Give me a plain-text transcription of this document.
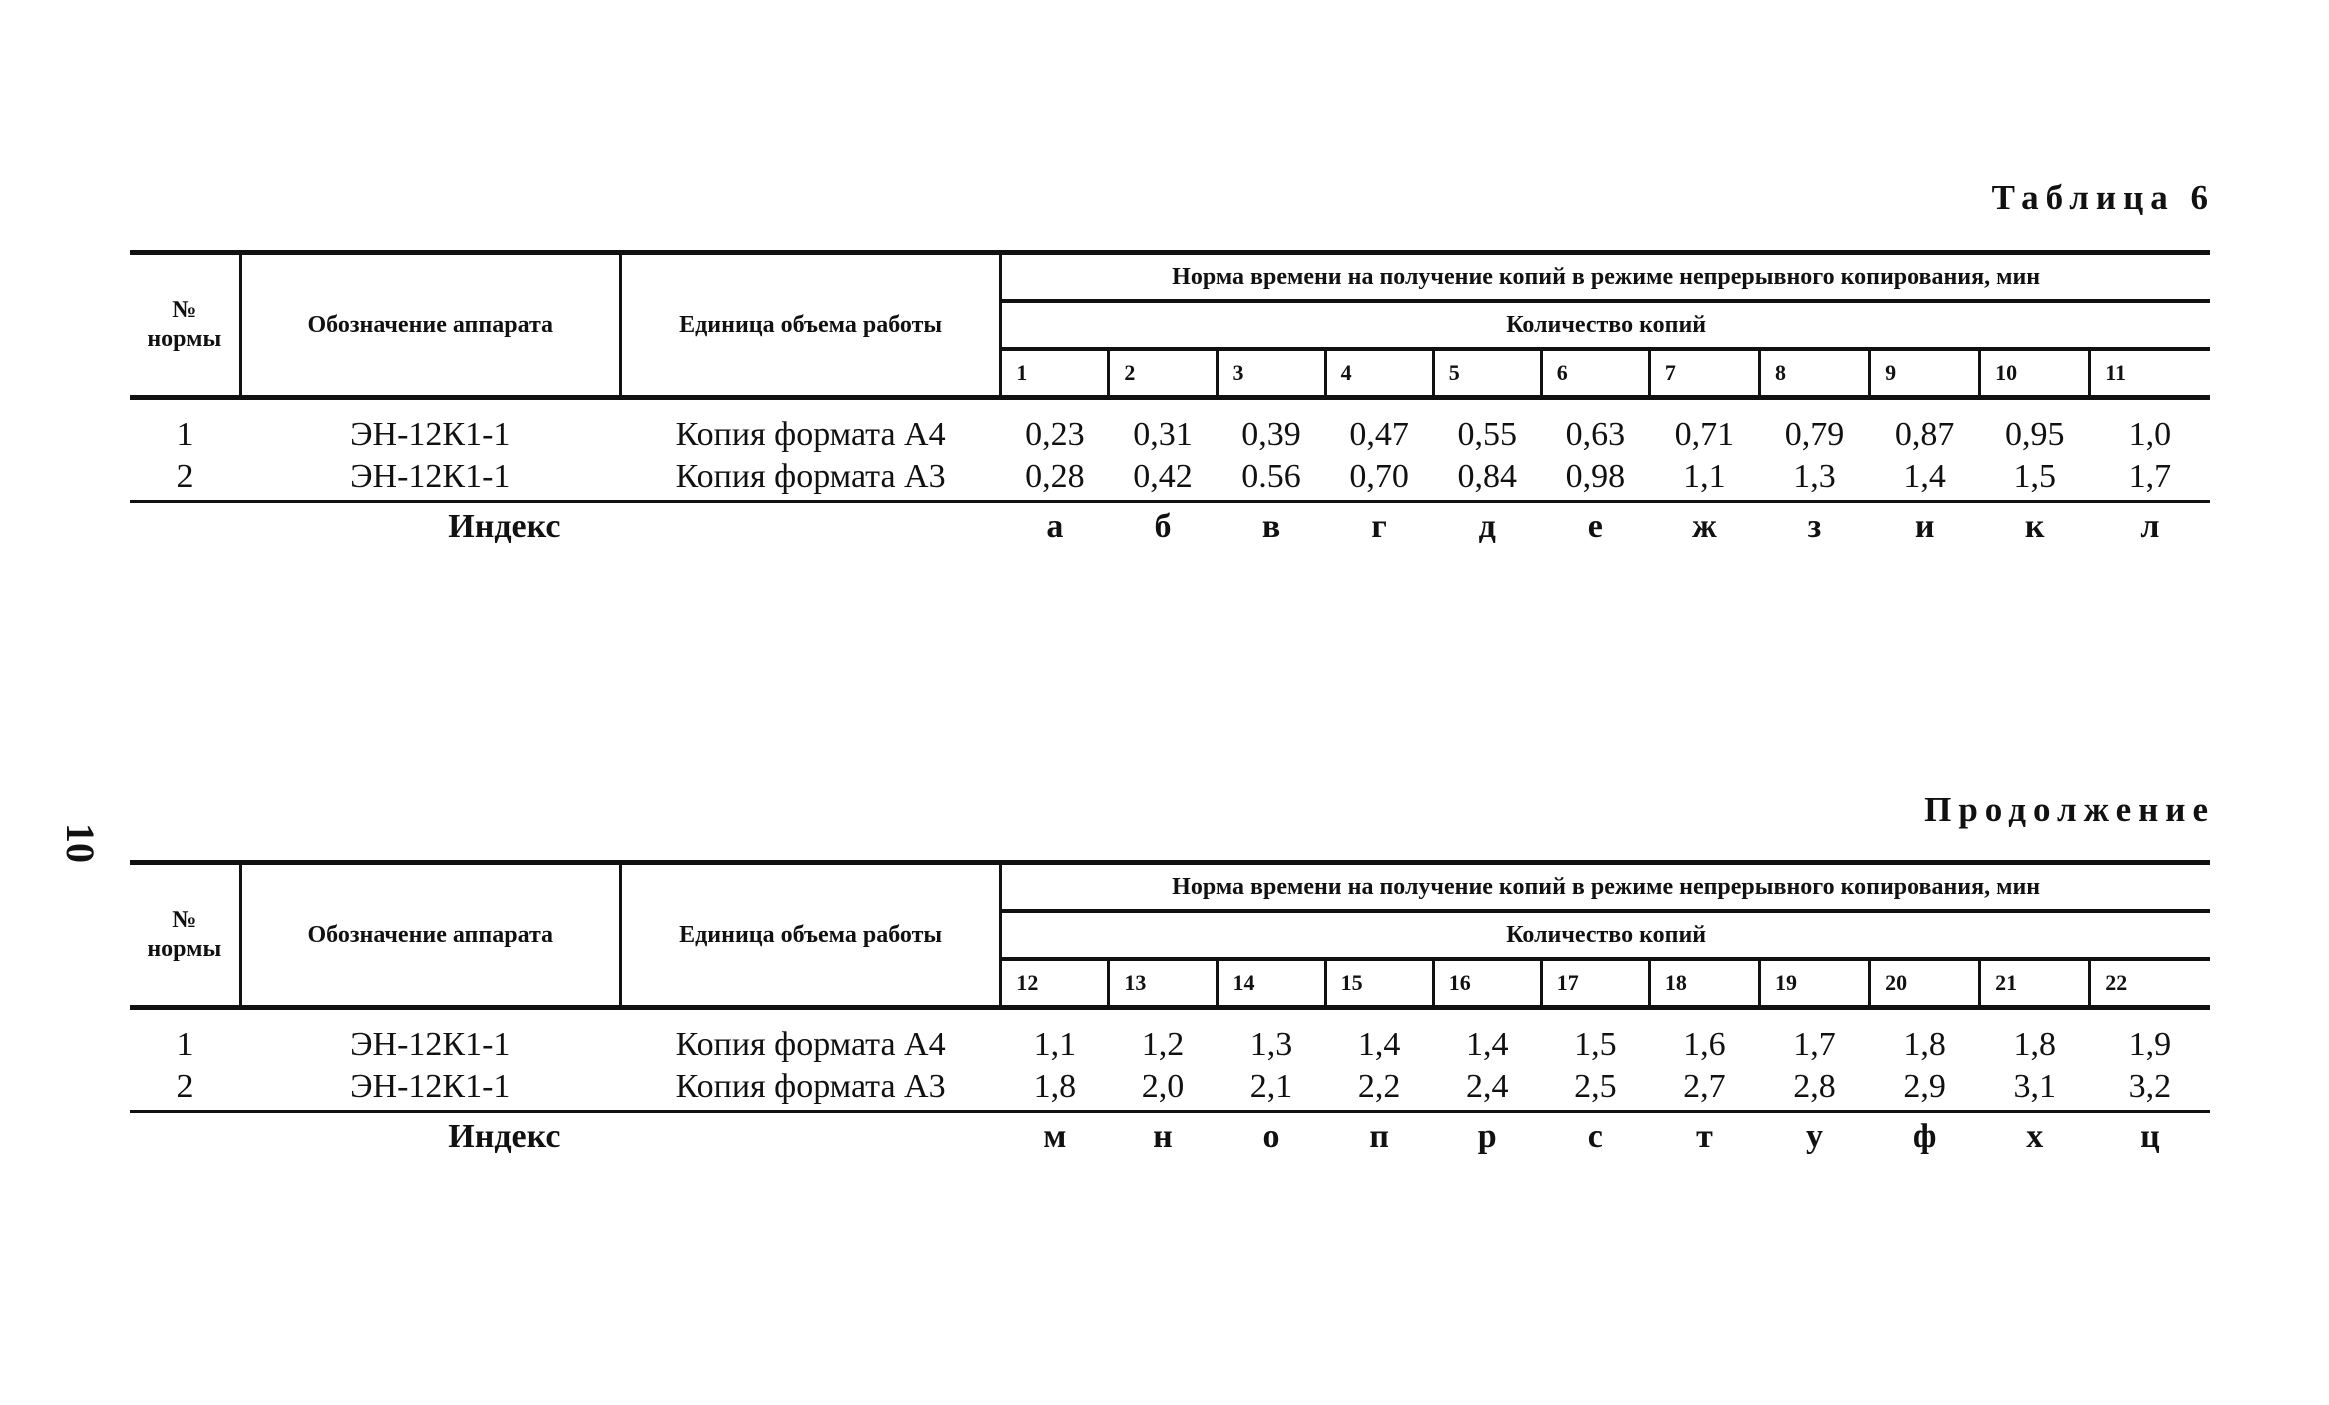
10
Таблица 6
№ нормы	Обозначение аппарата	Единица объема работы	Норма времени на получение копий в режиме непрерывного копирования, мин										
			Количество копий										
			1	2	3	4	5	6	7	8	9	10	11
1	ЭН-12К1-1	Копия формата А4	0,23	0,31	0,39	0,47	0,55	0,63	0,71	0,79	0,87	0,95	1,0
2	ЭН-12К1-1	Копия формата А3	0,28	0,42	0.56	0,70	0,84	0,98	1,1	1,3	1,4	1,5	1,7
Индекс			а	б	в	г	д	е	ж	з	и	к	л
Продолжение
№ нормы	Обозначение аппарата	Единица объема работы	Норма времени на получение копий в режиме непрерывного копирования, мин										
			Количество копий										
			12	13	14	15	16	17	18	19	20	21	22
1	ЭН-12К1-1	Копия формата А4	1,1	1,2	1,3	1,4	1,4	1,5	1,6	1,7	1,8	1,8	1,9
2	ЭН-12К1-1	Копия формата А3	1,8	2,0	2,1	2,2	2,4	2,5	2,7	2,8	2,9	3,1	3,2
Индекс			м	н	о	п	р	с	т	у	ф	х	ц
